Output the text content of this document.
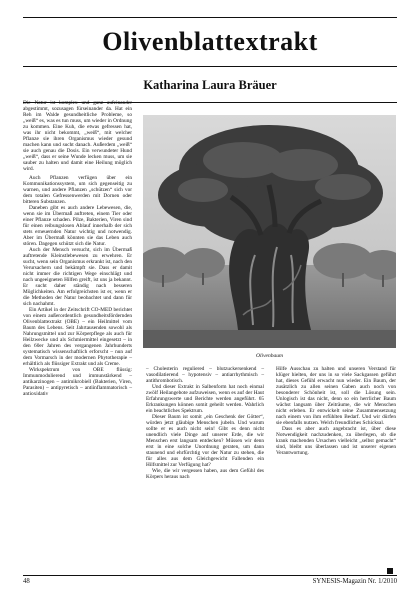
Olivenblattextrakt
Katharina Laura Bräuer

Die Natur ist komplex und ganz aufeinander abgestimmt, sozusagen fürseinander da. Hat ein Reh im Walde gesundheitliche Probleme, so „weiß“ es, was es tun muss, um wieder in Ordnung zu kommen. Eine Kuh, die etwas gefressen hat, was ihr nicht bekommt, „weiß“, mit welcher Pflanze sie ihren Organismus wieder gesund machen kann und sucht danach. Außerdem „weiß“ sie auch genau die Dosis. Ein verwundeter Hund „weiß“, dass er seine Wunde lecken muss, um sie sauber zu halten und damit eine Heilung möglich wird.

Auch Pflanzen verfügen über ein Kommunikationssystem, um sich gegenseitig zu warnen, und andere Pflanzen „schützen“ sich vor dem totalen Gefressenwerden mit Dornen oder bitteren Substanzen.

Daneben gibt es auch andere Lebewesen, die, wenn sie im Übermaß auftreten, einem Tier oder einer Pflanze schaden. Pilze, Bakterien, Viren sind für einen reibungslosen Ablauf innerhalb der sich stets erneuernden Natur wichtig und notwendig. Aber im Übermaß könnten sie das Leben auch stören. Dagegen schützt sich die Natur.

Auch der Mensch versucht, sich im Übermaß auftretende Kleinstlebewesen zu erwehren. Er sucht, wenn sein Organismus erkrankt ist, nach den Verursachern und bekämpft sie. Dass er damit nicht immer die richtigen Wege einschlägt und nach ungeeigneten Hilfen greift, ist uns ja bekannt. Er sucht daher ständig nach besseren Möglichkeiten. Am erfolgreichsten ist er, wenn er die Methoden der Natur beobachtet und dann für sich nachahmt.

Ein Artikel in der Zeitschrift CO-MED berichtet von einem außerordentlich gesundheitsfördernden Olivenblattextrakt (OBE) – ein Heilmittel vom Baum des Lebens. Seit Jahrtausenden sowohl als Nahrungsmittel und zur Körperpflege als auch für Heilzwecke und als Schmiermittel eingesetzt – in den 60er Jahren des vergangenen Jahrhunderts systematisch wissenschaftlich erforscht – nun auf dem Vormarsch in der modernen Phytotherapie – erhältlich als flüssiger Extrakt und als Creme.

Wirkspektrum von OBE flüssig: Immunmodulierend und immunstärkend – antikarzinogen – antimikrobiell (Bakterien, Viren, Parasiten) – antipyretisch – antiinflammatorisch – antioxidativ

Olivenbaum

– Cholesterin reguliered – blutzuckersenkend – vasodilatierend – hypotensiv – antiarrhythmisch – antithrombotisch.

Und dieser Extrakt in Salbenform hat noch einmal zwölf Heilangebote aufzuweisen, wenn es auf der Haut Erfahrungswerte und Berichte werden angeführt. 65 Erkrankungen können somit geheilt werden. Wahrlich ein beachtliches Spektrum.

Dieser Baum ist somit „ein Geschenk der Götter“, würden jetzt gläubige Menschen jubeln. Und warum sollte er es auch nicht sein! Gibt es denn nicht unendlich viele Dinge auf unserer Erde, die wir Menschen erst langsam entdecken? Müssen wir denn erst in eine solche Unordnung geraten, um dann staunend und ehrfürchtig vor der Natur zu stehen, die für alles aus dem Gleichgewicht Fallenden ein Hilfsmittel zur Verfügung hat?

Wie, die wir vergessen haben, aus dem Gefühl des Körpers heraus nach

Hilfe Ausschau zu halten und unseren Verstand für klüger hielten, der uns in so viele Sackgassen geführt hat, dieses Gefühl erwacht nun wieder. Ein Baum, der zusätzlich zu allen seinen Gaben auch noch von besonderer Schönheit ist, soll die Lösung sein. Unlogisch ist das nicht, denn so ein herrlicher Baum wächst langsam über Zeiträume, die wir Menschen nicht erleben. Er entwickelt seine Zusammensetzung nach einem von ihm erfühlten Bedarf. Und wir dürfen sie ebenfalls nutzen. Welch freundliches Schicksal.

Dass es aber auch angebracht ist, über diese Notwendigkeit nachzudenken, zu überlegen, ob die krank machenden Ursachen vielleicht „selbst gemacht“ sind, bleibt uns überlassen und ist unserer eigenen Verantwortung.

48	SYNESIS-Magazin Nr. 1/2010
